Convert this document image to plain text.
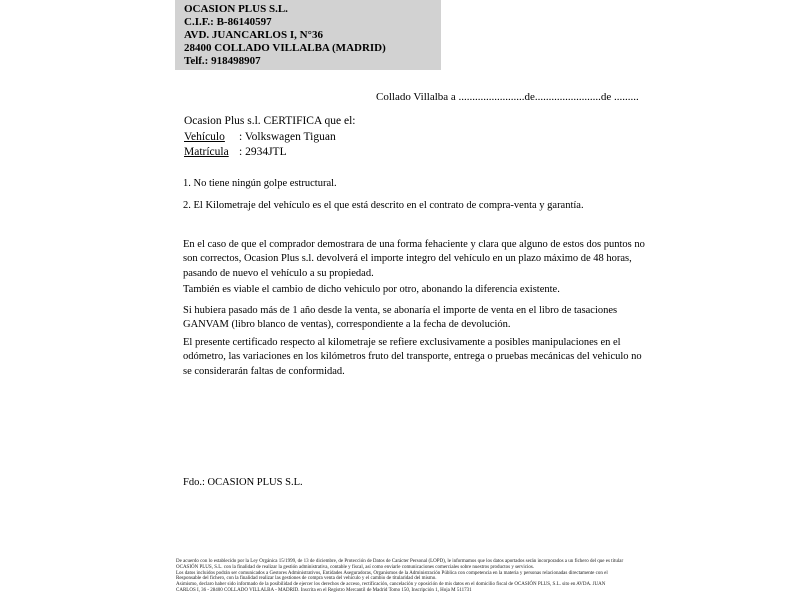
OCASION PLUS S.L.
C.I.F.: B-86140597
AVD. JUANCARLOS I, N°36
28400 COLLADO VILLALBA (MADRID)
Telf.: 918498907
Collado Villalba a ........................de........................de .........
Ocasion Plus s.l. CERTIFICA que el:
Vehículo : Volkswagen Tiguan
Matrícula : 2934JTL
1. No tiene ningún golpe estructural.
2. El Kilometraje del vehículo es el que está descrito en el contrato de compra-venta y garantía.
En el caso de que el comprador demostrara de una forma fehaciente y clara que alguno de estos dos puntos no son correctos, Ocasion Plus s.l. devolverá el importe integro del vehículo en un plazo máximo de 48 horas, pasando de nuevo el vehículo a su propiedad.
También es viable el cambio de dicho vehiculo por otro, abonando la diferencia existente.
Si hubiera pasado más de 1 año desde la venta, se abonaría el importe de venta en el libro de tasaciones GANVAM (libro blanco de ventas), correspondiente a la fecha de devolución.
El presente certificado respecto al kilometraje se refiere exclusivamente a posibles manipulaciones en el odómetro, las variaciones en los kilómetros fruto del transporte, entrega o pruebas mecánicas del vehiculo no se considerarán faltas de conformidad.
Fdo.: OCASION PLUS S.L.
De acuerdo con lo establecido por la Ley Orgánica 15/1999, de 13 de diciembre, de Protección de Datos de Carácter Personal (LOPD), le informamos que los datos aportados serán incorporados a un fichero del que es titular
OCASIÓN PLUS, S.L. con la finalidad de realizar la gestión administrativa, contable y fiscal, así como enviarle comunicaciones comerciales sobre nuestros productos y servicios.
Los datos incluidos podrán ser comunicados a Gestores Administrativos, Entidades Aseguradoras, Organismos de la Administración Pública con competencia en la materia y personas relacionadas directamente con el
Responsable del fichero, con la finalidad realizar las gestiones de compra venta del vehículo y el cambio de titularidad del mismo.
Asimismo, declaro haber sido informado de la posibilidad de ejercer los derechos de acceso, rectificación, cancelación y oposición de mis datos en el domicilio fiscal de OCASIÓN PLUS, S.L. sito en AVDA. JUAN
CARLOS I, 36 - 28400 COLLADO VILLALBA - MADRID. Inscrita en el Registro Mercantil de Madrid Tomo 150, Inscripción 1, Hoja M 511731
